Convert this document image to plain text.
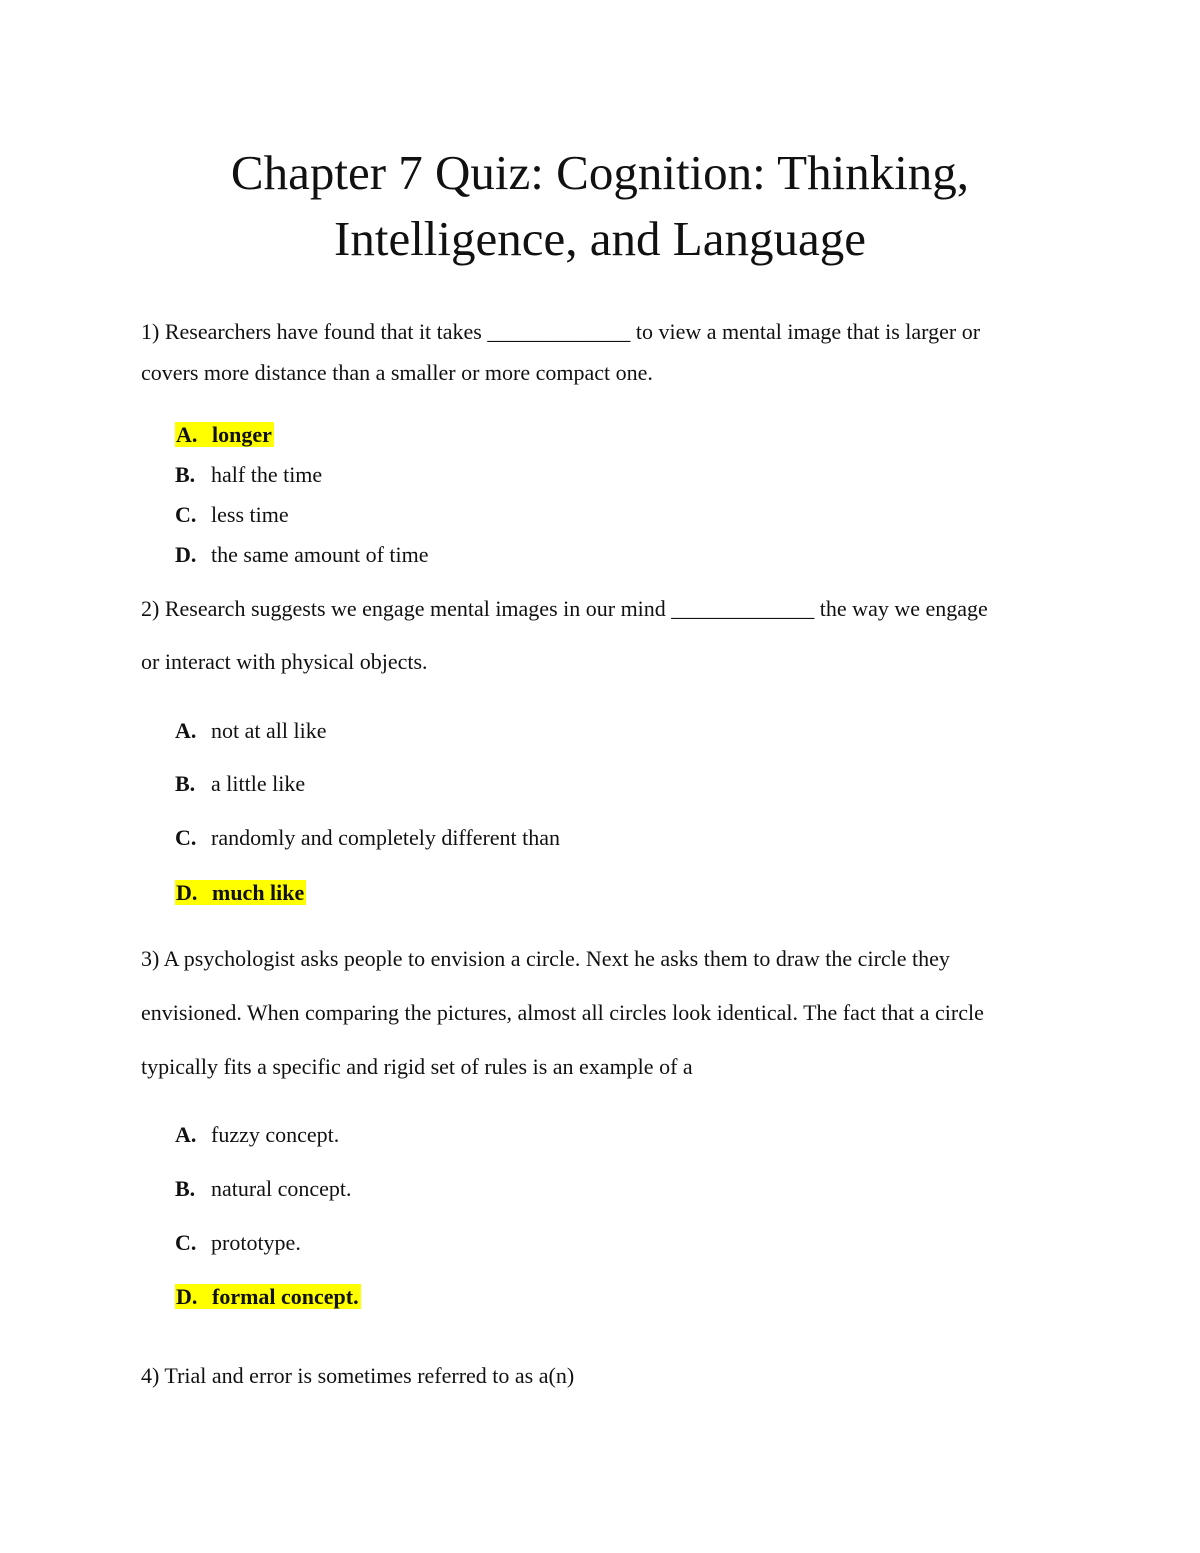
Chapter 7 Quiz: Cognition: Thinking,
Intelligence, and Language
1) Researchers have found that it takes _____________ to view a mental image that is larger or
covers more distance than a smaller or more compact one.
A. longer
B. half the time
C. less time
D. the same amount of time
2) Research suggests we engage mental images in our mind _____________ the way we engage
or interact with physical objects.
A. not at all like
B. a little like
C. randomly and completely different than
D. much like
3) A psychologist asks people to envision a circle. Next he asks them to draw the circle they
envisioned. When comparing the pictures, almost all circles look identical. The fact that a circle
typically fits a specific and rigid set of rules is an example of a
A. fuzzy concept.
B. natural concept.
C. prototype.
D. formal concept.
4) Trial and error is sometimes referred to as a(n)
